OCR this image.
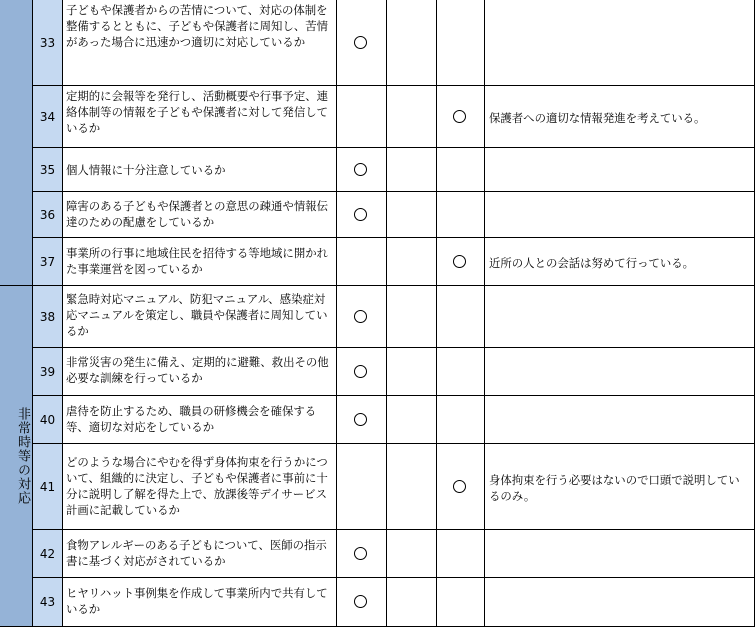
非常時等の対応
33
子どもや保護者からの苦情について、対応の体制を整備するとともに、子どもや保護者に周知し、苦情があった場合に迅速かつ適切に対応しているか
34
定期的に会報等を発行し、活動概要や行事予定、連絡体制等の情報を子どもや保護者に対して発信しているか
保護者への適切な情報発進を考えている。
35 個人情報に十分注意しているか
36
障害のある子どもや保護者との意思の疎通や情報伝達のための配慮をしているか
37
事業所の行事に地域住民を招待する等地域に開かれた事業運営を図っているか	近所の人との会話は努めて行っている。
38
緊急時対応マニュアル、防犯マニュアル、感染症対応マニュアルを策定し、職員や保護者に周知しているか
39
非常災害の発生に備え、定期的に避難、救出その他必要な訓練を行っているか
40
虐待を防止するため、職員の研修機会を確保する等、適切な対応をしているか
41
どのような場合にやむを得ず身体拘束を行うかについて、組織的に決定し、子どもや保護者に事前に十分に説明し了解を得た上で、放課後等デイサービス計画に記載しているか
身体拘束を行う必要はないので口頭で説明しているのみ。
42
食物アレルギーのある子どもについて、医師の指示書に基づく対応がされているか
43
ヒヤリハット事例集を作成して事業所内で共有しているか
